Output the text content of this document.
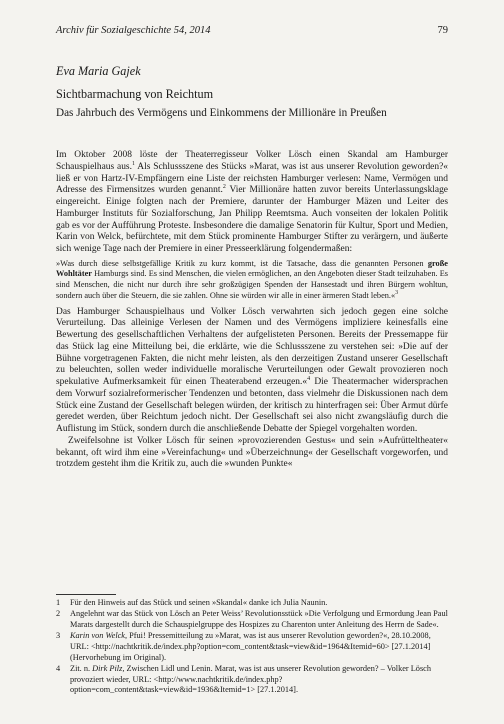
Archiv für Sozialgeschichte 54, 2014	79
Eva Maria Gajek
Sichtbarmachung von Reichtum
Das Jahrbuch des Vermögens und Einkommens der Millionäre in Preußen

Im Oktober 2008 löste der Theaterregisseur Volker Lösch einen Skandal am Hamburger Schauspielhaus aus.$^1$ Als Schlussszene des Stücks »Marat, was ist aus unserer Revolution geworden?« ließ er von Hartz-IV-Empfängern eine Liste der reichsten Hamburger verlesen: Name, Vermögen und Adresse des Firmensitzes wurden genannt.$^2$ Vier Millionäre hatten zuvor bereits Unterlassungsklage eingereicht. Einige folgten nach der Premiere, darunter der Hamburger Mäzen und Leiter des Hamburger Instituts für Sozialforschung, Jan Philipp Reemtsma. Auch vonseiten der lokalen Politik gab es vor der Aufführung Proteste. Insbesondere die damalige Senatorin für Kultur, Sport und Medien, Karin von Welck, befürchtete, mit dem Stück prominente Hamburger Stifter zu verärgern, und äußerte sich wenige Tage nach der Premiere in einer Presseerklärung folgendermaßen:

»Was durch diese selbstgefällige Kritik zu kurz kommt, ist die Tatsache, dass die genannten Personen große Wohltäter Hamburgs sind. Es sind Menschen, die vielen ermöglichen, an den Angeboten dieser Stadt teilzuhaben. Es sind Menschen, die nicht nur durch ihre sehr großzügigen Spenden der Hansestadt und ihren Bürgern wohltun, sondern auch über die Steuern, die sie zahlen. Ohne sie würden wir alle in einer ärmeren Stadt leben.«$^3$

Das Hamburger Schauspielhaus und Volker Lösch verwahrten sich jedoch gegen eine solche Verurteilung. Das alleinige Verlesen der Namen und des Vermögens impliziere keinesfalls eine Bewertung des gesellschaftlichen Verhaltens der aufgelisteten Personen. Bereits der Pressemappe für das Stück lag eine Mitteilung bei, die erklärte, wie die Schlussszene zu verstehen sei: »Die auf der Bühne vorgetragenen Fakten, die nicht mehr leisten, als den derzeitigen Zustand unserer Gesellschaft zu beleuchten, sollen weder individuelle moralische Verurteilungen oder Gewalt provozieren noch spekulative Aufmerksamkeit für einen Theaterabend erzeugen.«$^4$ Die Theatermacher widersprachen dem Vorwurf sozialreformerischer Tendenzen und betonten, dass vielmehr die Diskussionen nach dem Stück eine Zustand der Gesellschaft belegen würden, der kritisch zu hinterfragen sei: Über Armut dürfe geredet werden, über Reichtum jedoch nicht. Der Gesellschaft sei also nicht zwangsläufig durch die Auflistung im Stück, sondern durch die anschließende Debatte der Spiegel vorgehalten worden.

Zweifelsohne ist Volker Lösch für seinen »provozierenden Gestus« und sein »Aufrütteltheater« bekannt, oft wird ihm eine »Vereinfachung« und »Überzeichnung« der Gesellschaft vorgeworfen, und trotzdem gesteht ihm die Kritik zu, auch die »wunden Punkte«

1	Für den Hinweis auf das Stück und seinen »Skandal« danke ich Julia Naunin.
2	Angelehnt war das Stück von Lösch an Peter Weiss’ Revolutionsstück »Die Verfolgung und Ermordung Jean Paul Marats dargestellt durch die Schauspielgruppe des Hospizes zu Charenton unter Anleitung des Herrn de Sade«.
3	Karin von Welck, Pfui! Pressemitteilung zu »Marat, was ist aus unserer Revolution geworden?«, 28.10.2008, URL: <http://nachtkritik.de/index.php?option=com_content&task=view&id=1964&Itemid=60> [27.1.2014] (Hervorhebung im Original).
4	Zit. n. Dirk Pilz, Zwischen Lidl und Lenin. Marat, was ist aus unserer Revolution geworden? – Volker Lösch provoziert wieder, URL: <http://www.nachtkritik.de/index.php?option=com_content&task=view&id=1936&Itemid=1> [27.1.2014].
